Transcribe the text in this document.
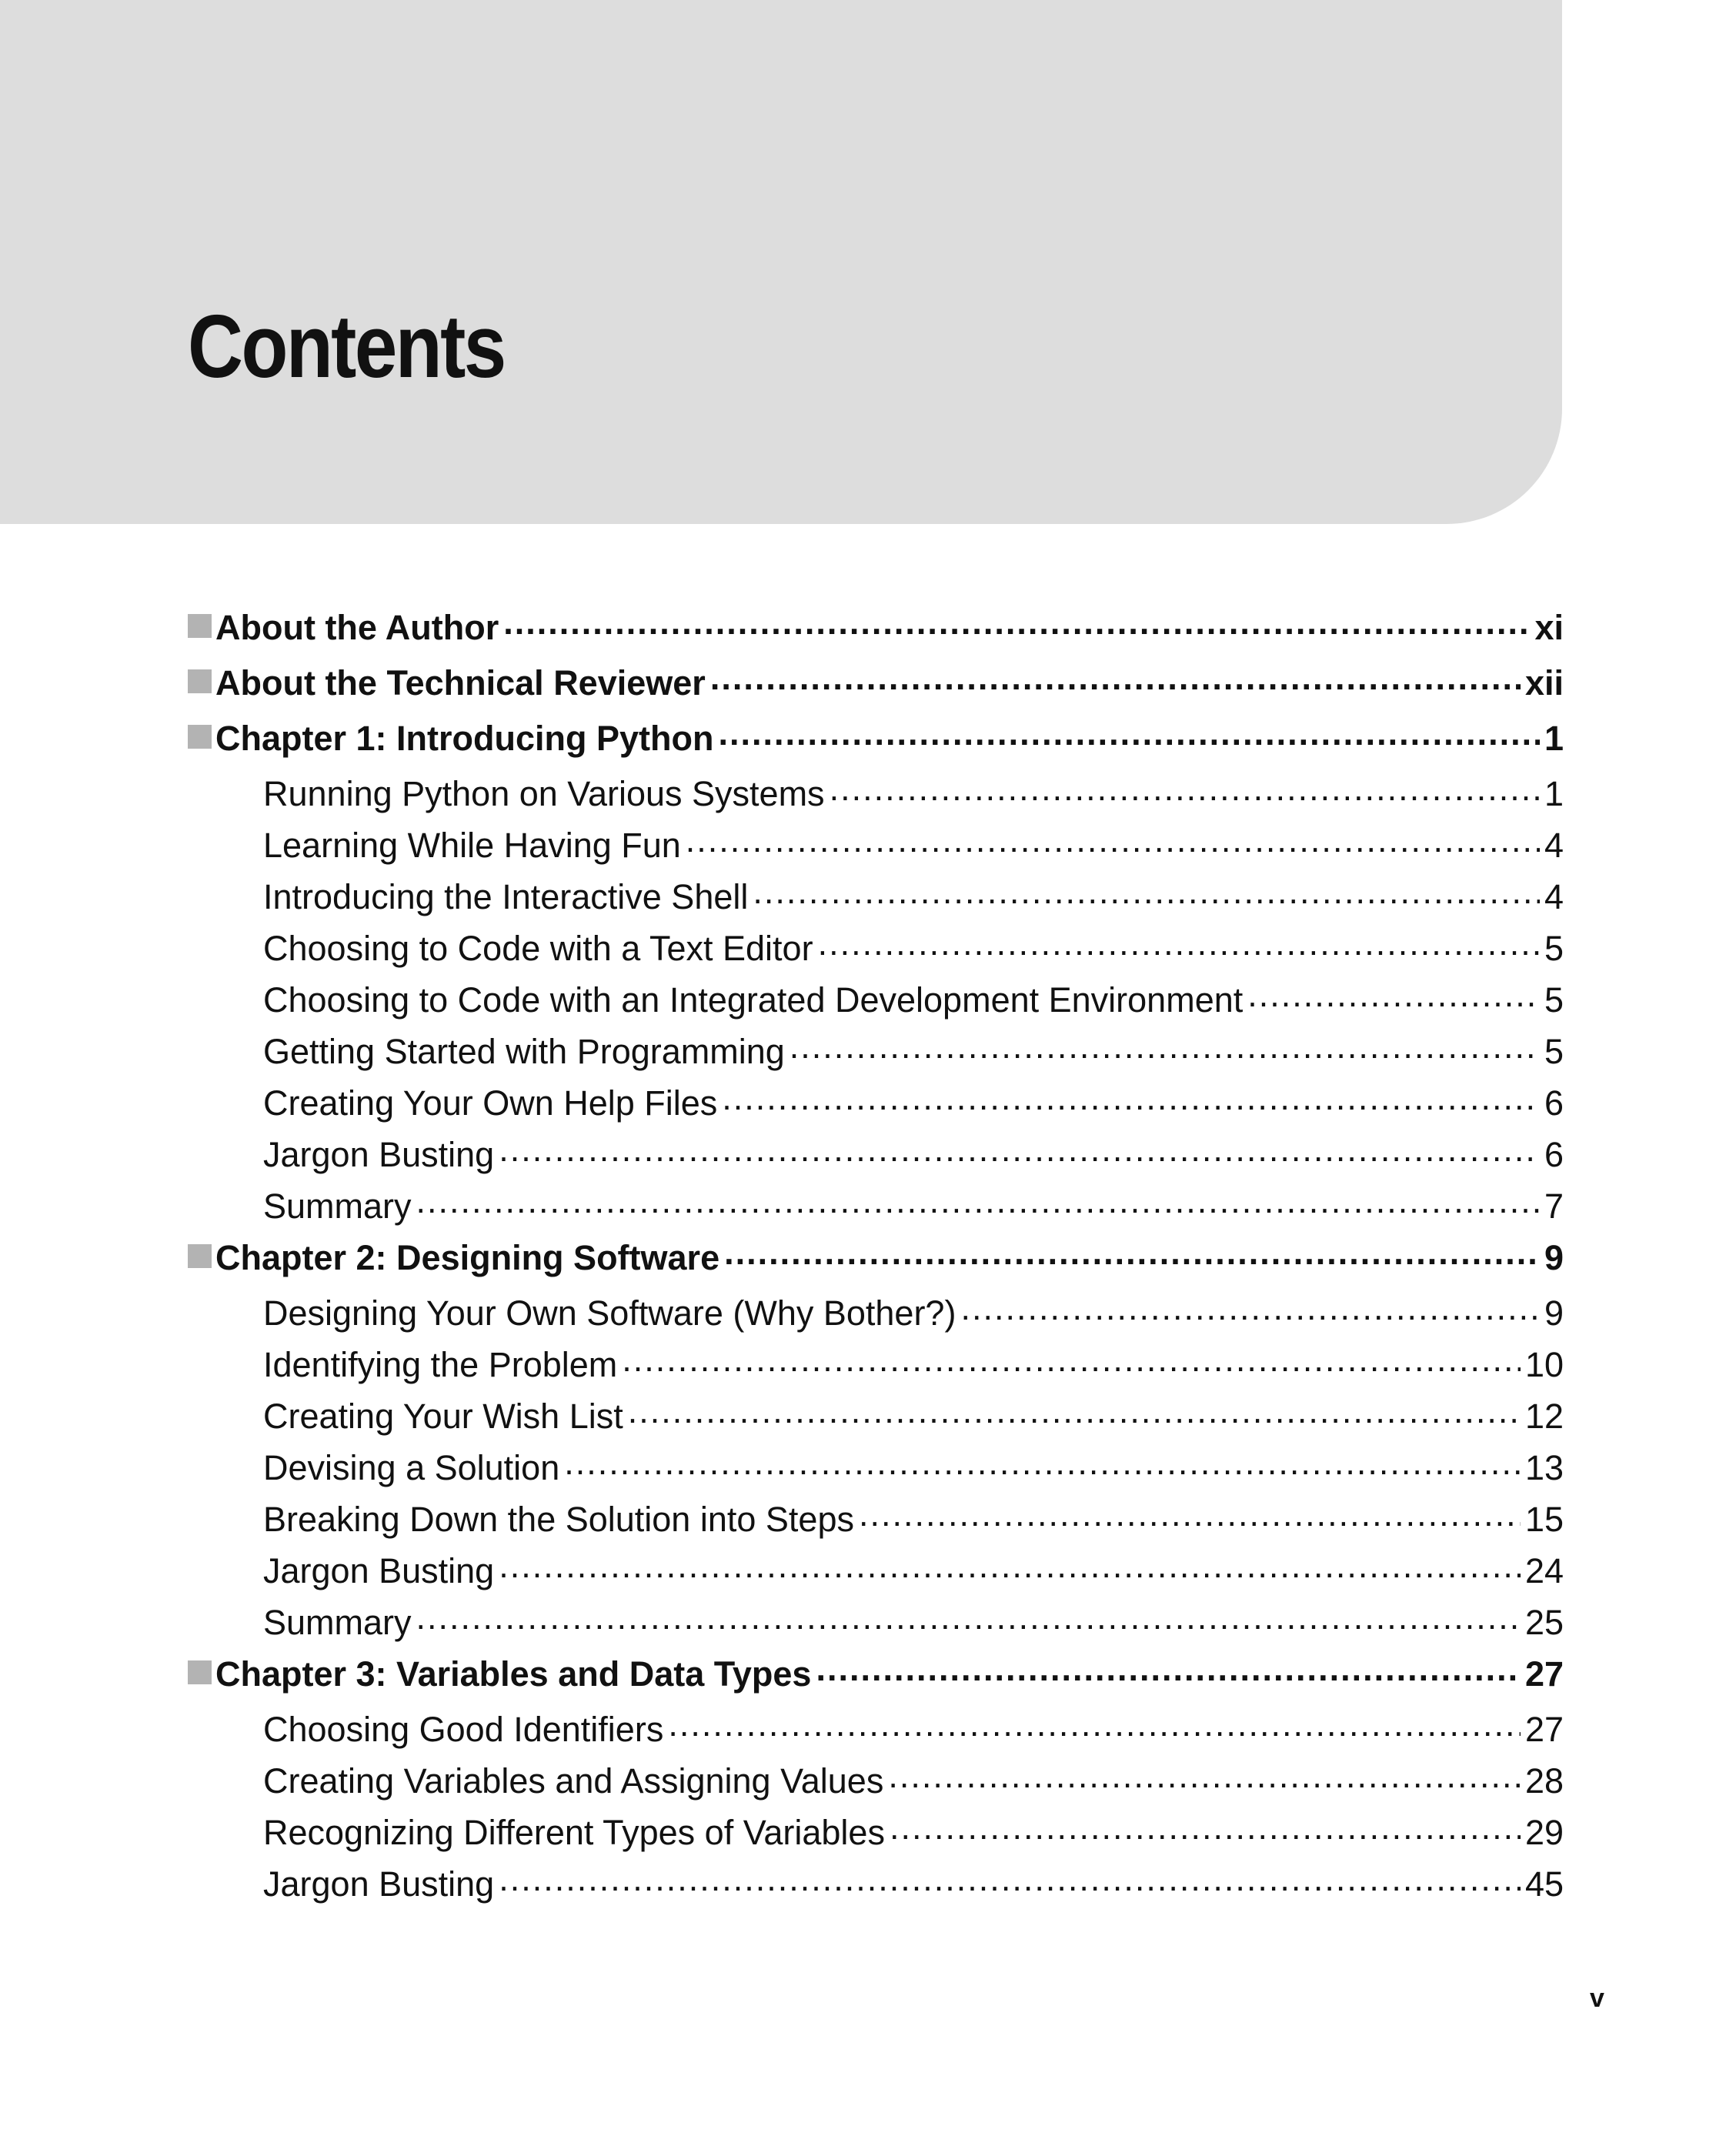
Contents
About the Author .....	xi
About the Technical Reviewer .....	xii
Chapter 1: Introducing Python .....	1
Running Python on Various Systems .....	1
Learning While Having Fun .....	4
Introducing the Interactive Shell .....	4
Choosing to Code with a Text Editor .....	5
Choosing to Code with an Integrated Development Environment .....	5
Getting Started with Programming .....	5
Creating Your Own Help Files .....	6
Jargon Busting .....	6
Summary .....	7
Chapter 2: Designing Software .....	9
Designing Your Own Software (Why Bother?) .....	9
Identifying the Problem .....	10
Creating Your Wish List .....	12
Devising a Solution .....	13
Breaking Down the Solution into Steps .....	15
Jargon Busting .....	24
Summary .....	25
Chapter 3: Variables and Data Types .....	27
Choosing Good Identifiers .....	27
Creating Variables and Assigning Values .....	28
Recognizing Different Types of Variables .....	29
Jargon Busting .....	45
v
